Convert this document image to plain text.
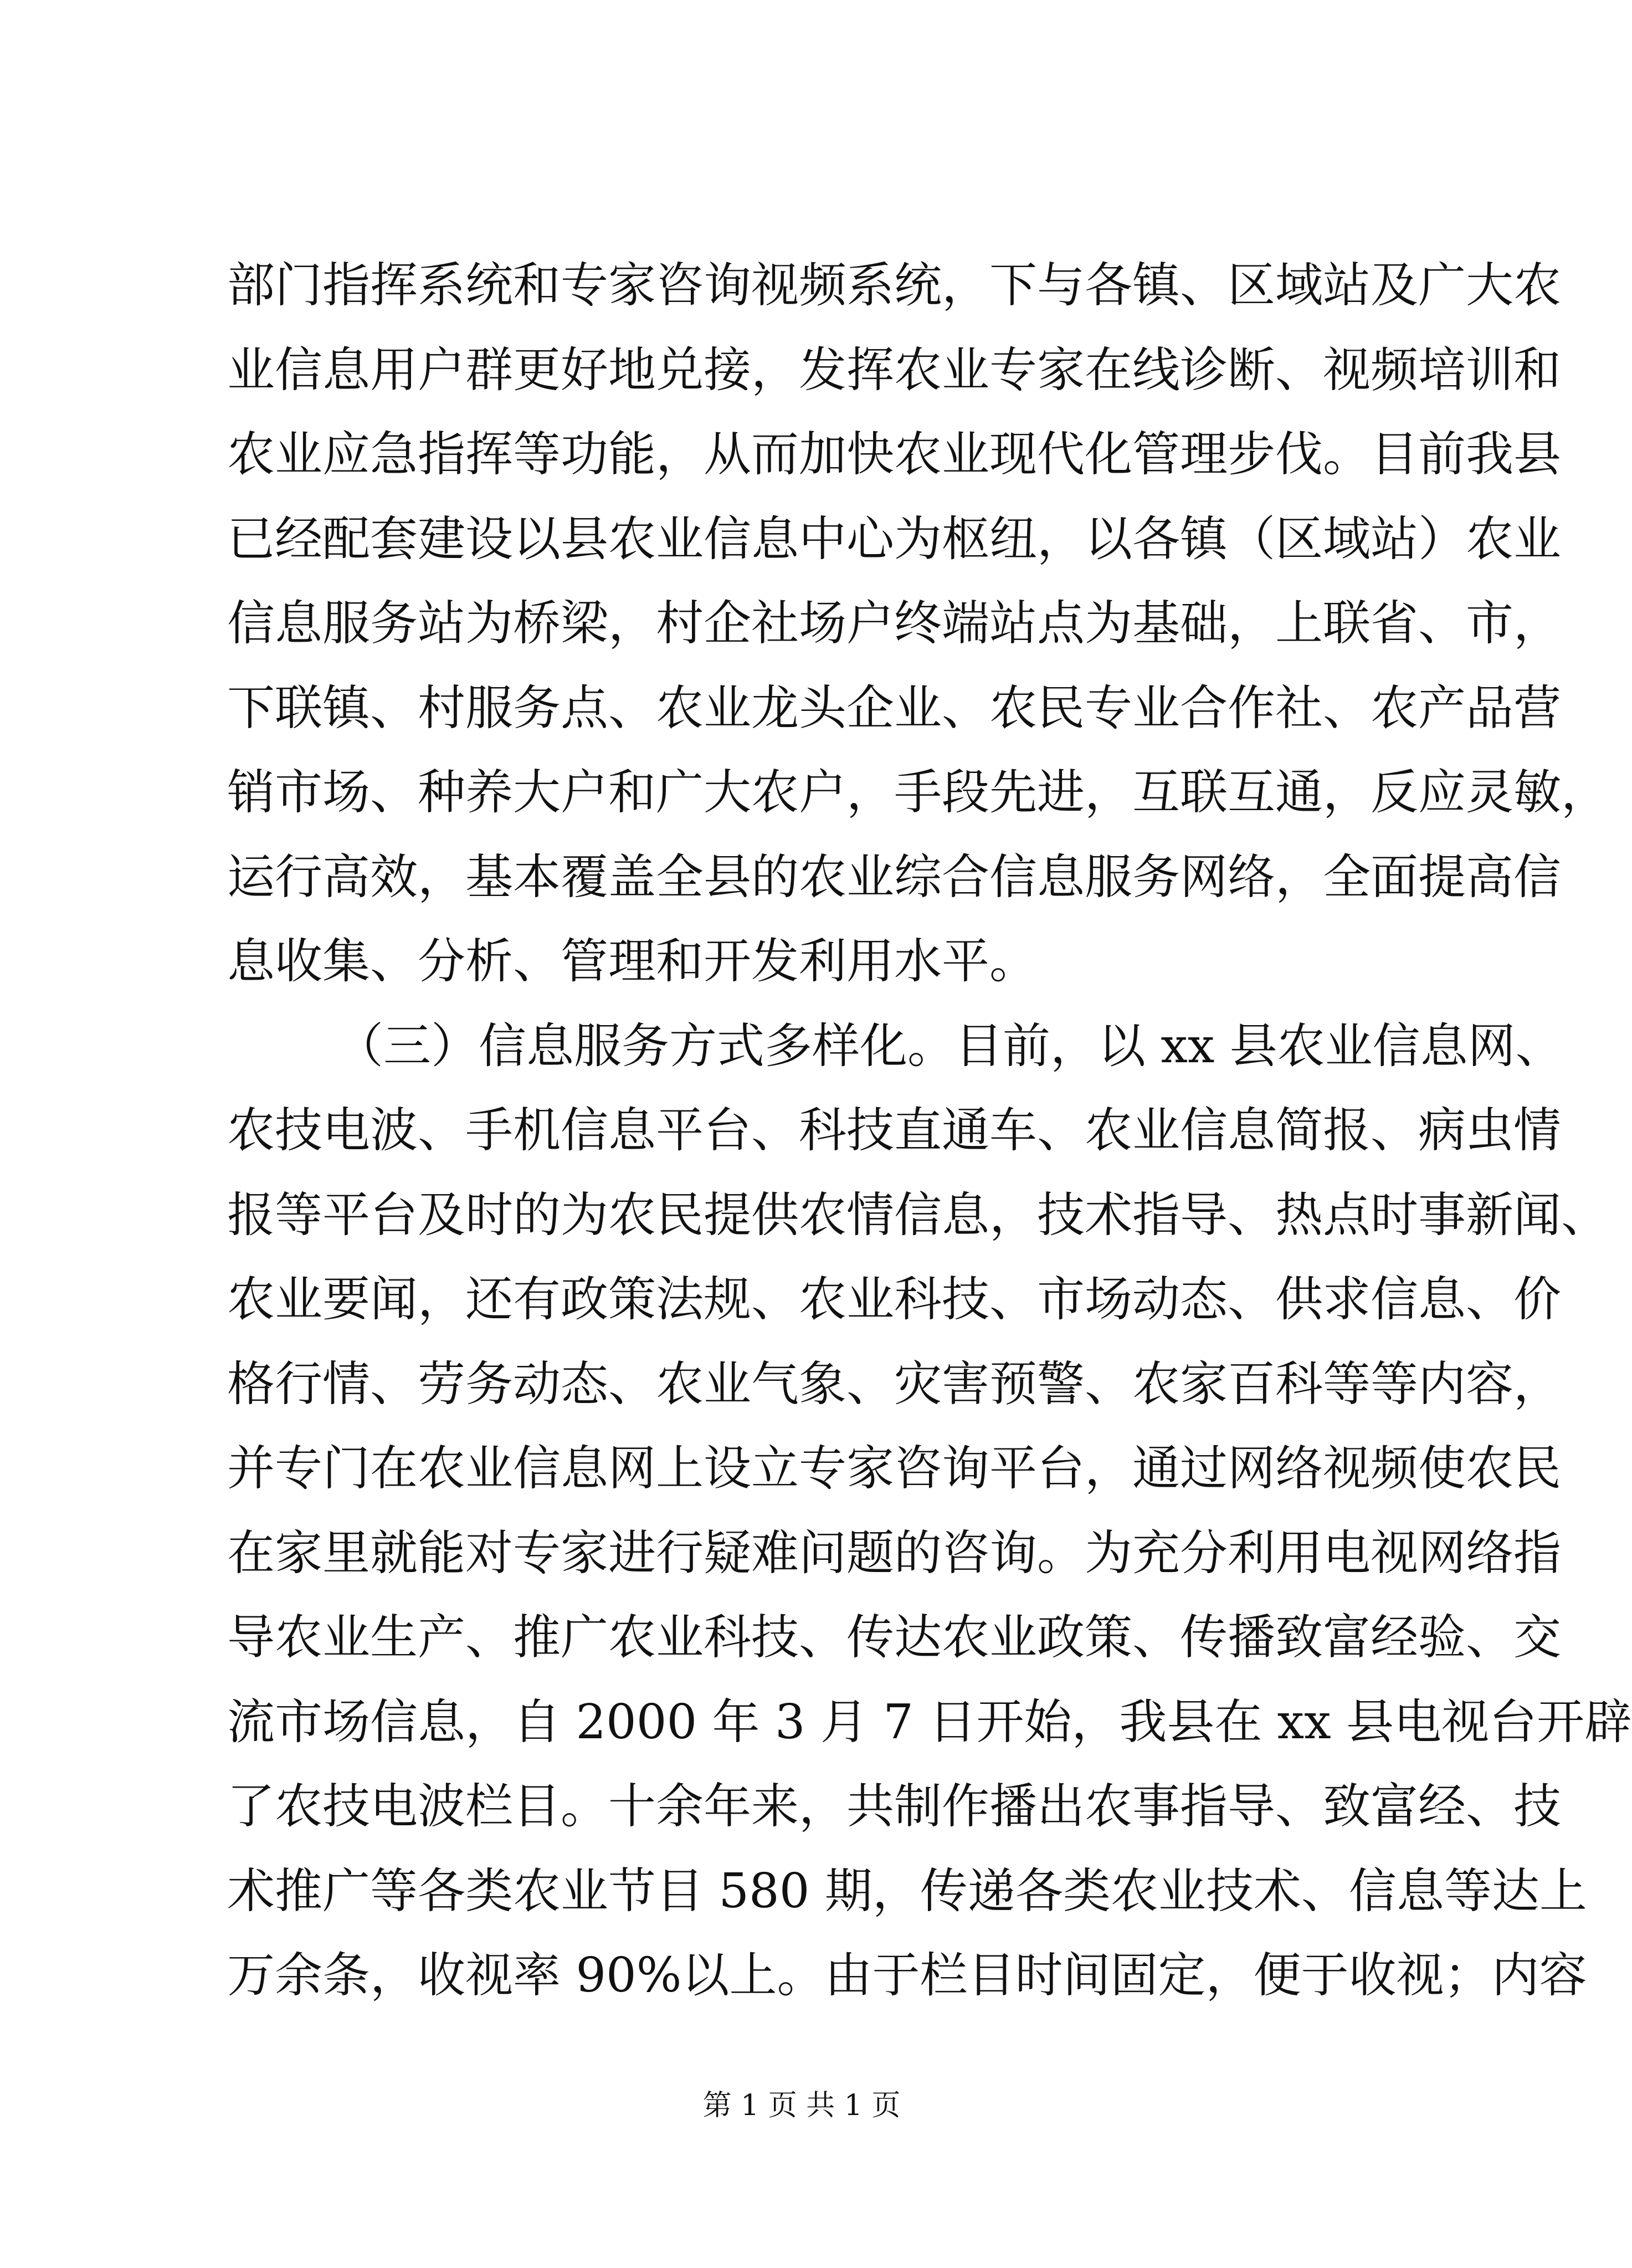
部门指挥系统和专家咨询视频系统，下与各镇、区域站及广大农
业信息用户群更好地兑接，发挥农业专家在线诊断、视频培训和
农业应急指挥等功能，从而加快农业现代化管理步伐。目前我县
已经配套建设以县农业信息中心为枢纽，以各镇（区域站）农业
信息服务站为桥梁，村企社场户终端站点为基础，上联省、市，
下联镇、村服务点、农业龙头企业、农民专业合作社、农产品营
销市场、种养大户和广大农户，手段先进，互联互通，反应灵敏，
运行高效，基本覆盖全县的农业综合信息服务网络，全面提高信
息收集、分析、管理和开发利用水平。
（三）信息服务方式多样化。目前，以 xx 县农业信息网、
农技电波、手机信息平台、科技直通车、农业信息简报、病虫情
报等平台及时的为农民提供农情信息，技术指导、热点时事新闻、
农业要闻，还有政策法规、农业科技、市场动态、供求信息、价
格行情、劳务动态、农业气象、灾害预警、农家百科等等内容，
并专门在农业信息网上设立专家咨询平台，通过网络视频使农民
在家里就能对专家进行疑难问题的咨询。为充分利用电视网络指
导农业生产、推广农业科技、传达农业政策、传播致富经验、交
流市场信息，自 2000 年 3 月 7 日开始，我县在 xx 县电视台开辟
了农技电波栏目。十余年来，共制作播出农事指导、致富经、技
术推广等各类农业节目 580 期，传递各类农业技术、信息等达上
万余条，收视率 90%以上。由于栏目时间固定，便于收视；内容
第 1 页 共 1 页
